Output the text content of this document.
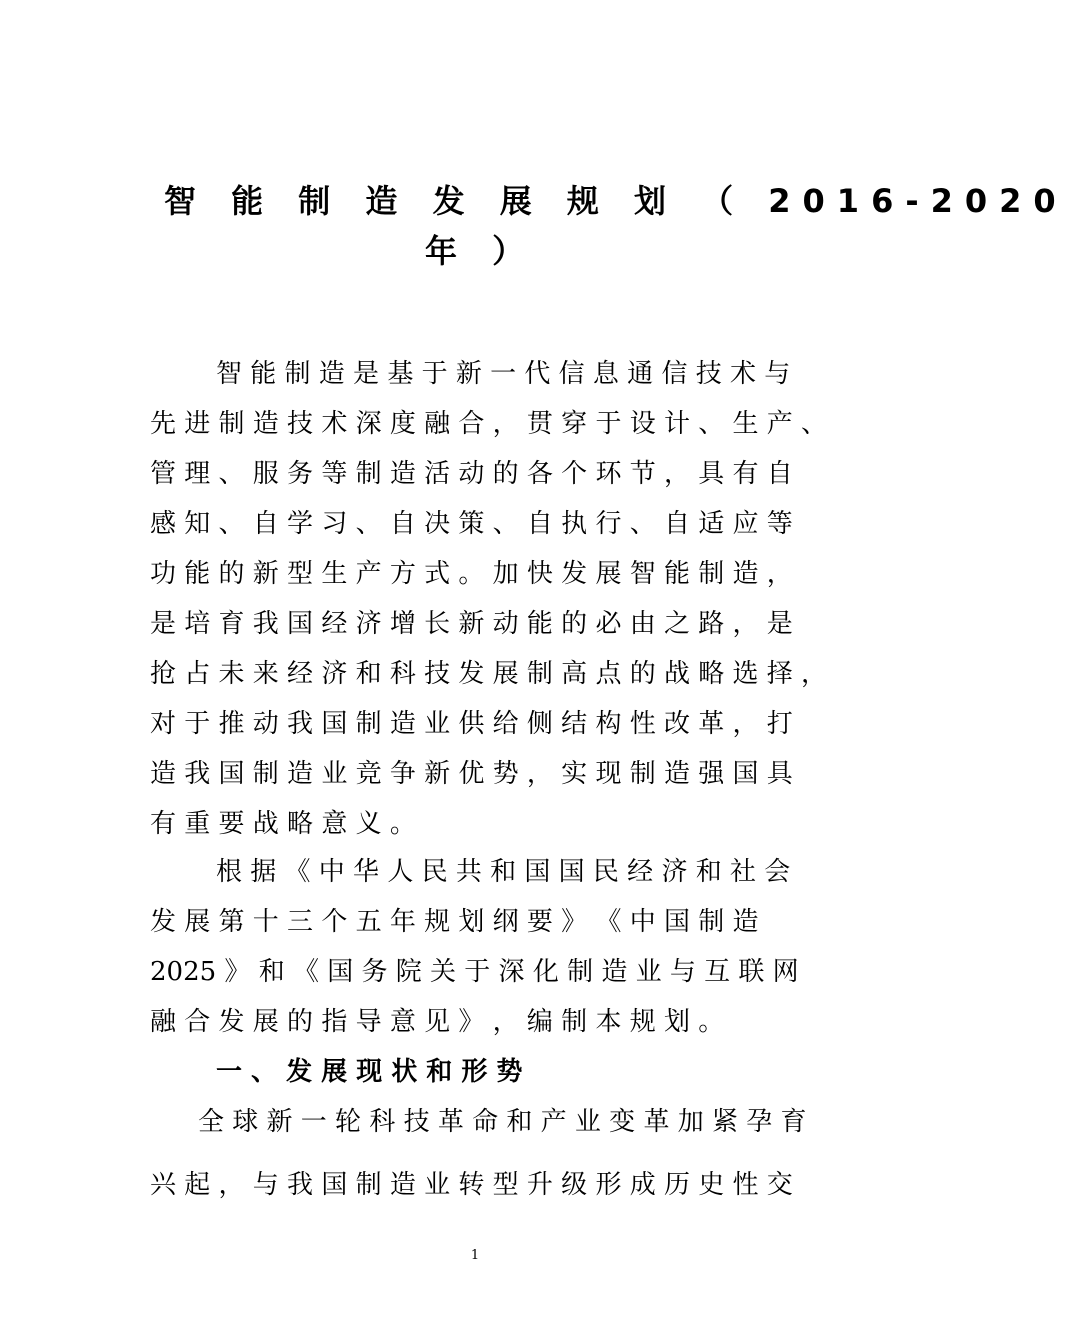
智 能 制 造 发 展 规 划 （ 2016-2020
年 ）
智 能 制 造 是 基 于 新 一 代 信 息 通 信 技 术 与
先 进 制 造 技 术 深 度 融 合 ， 贯 穿 于 设 计 、 生 产 、
管 理 、 服 务 等 制 造 活 动 的 各 个 环 节 ， 具 有 自
感 知 、 自 学 习 、 自 决 策 、 自 执 行 、 自 适 应 等
功 能 的 新 型 生 产 方 式 。 加 快 发 展 智 能 制 造 ，
是 培 育 我 国 经 济 增 长 新 动 能 的 必 由 之 路 ， 是
抢 占 未 来 经 济 和 科 技 发 展 制 高 点 的 战 略 选 择 ，
对 于 推 动 我 国 制 造 业 供 给 侧 结 构 性 改 革 ， 打
造 我 国 制 造 业 竞 争 新 优 势 ， 实 现 制 造 强 国 具
有 重 要 战 略 意 义 。
根 据 《 中 华 人 民 共 和 国 国 民 经 济 和 社 会
发 展 第 十 三 个 五 年 规 划 纲 要 》 《 中 国 制 造
2025 》 和 《 国 务 院 关 于 深 化 制 造 业 与 互 联 网
融 合 发 展 的 指 导 意 见 》 ， 编 制 本 规 划 。
一 、 发 展 现 状 和 形 势
全 球 新 一 轮 科 技 革 命 和 产 业 变 革 加 紧 孕 育
兴 起 ， 与 我 国 制 造 业 转 型 升 级 形 成 历 史 性 交
1
